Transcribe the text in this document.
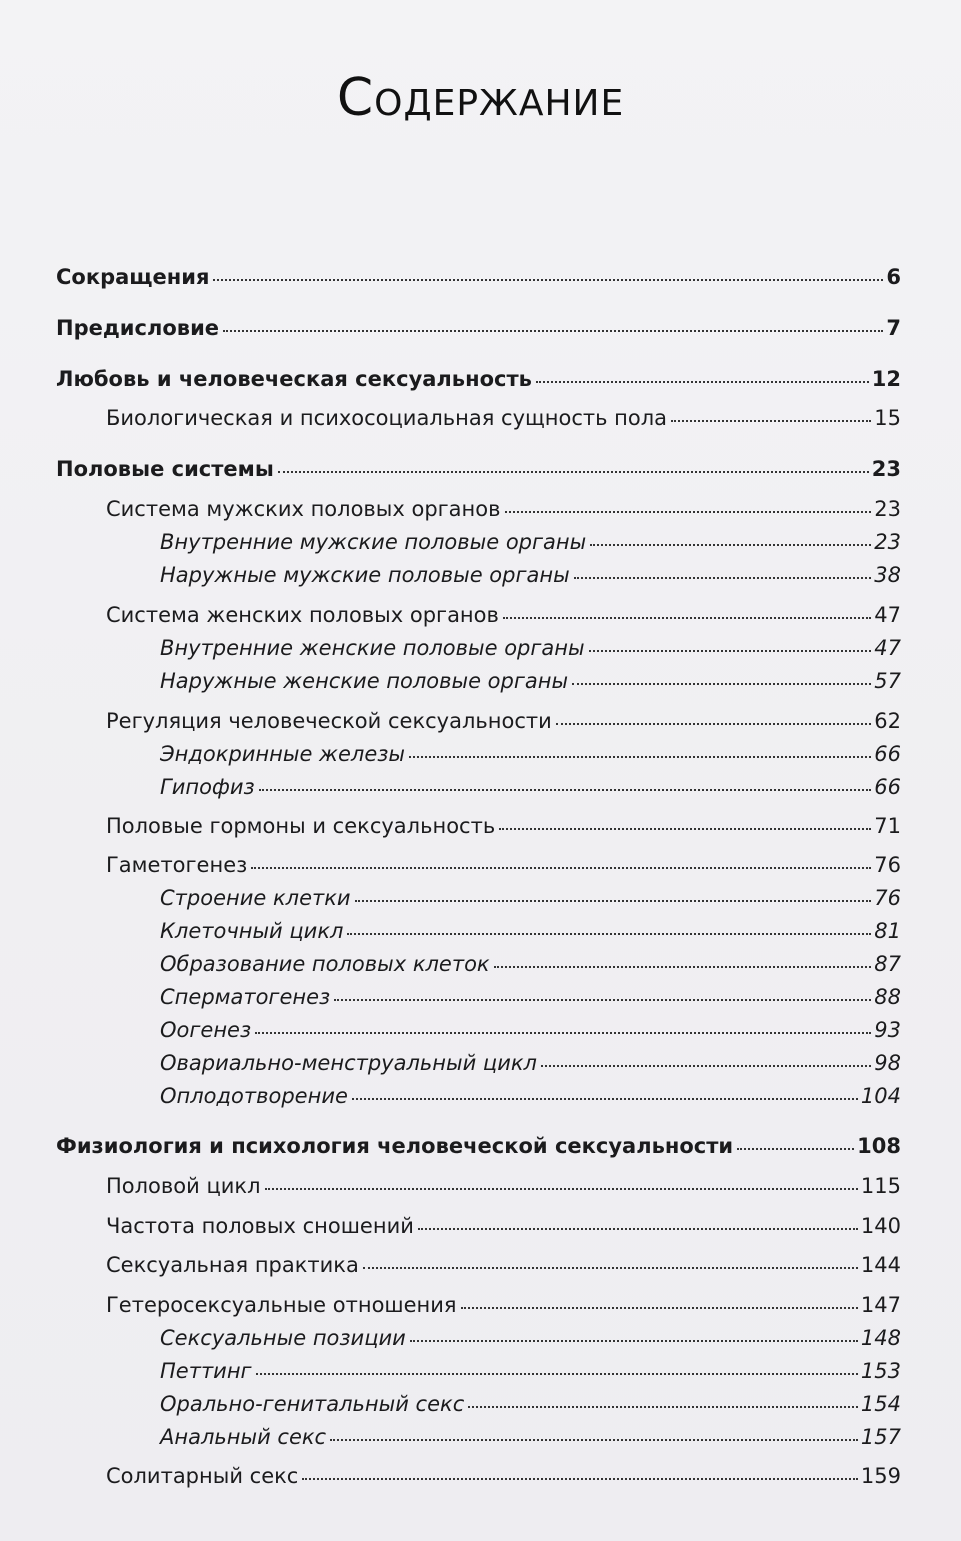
Содержание
Сокращения	6
Предисловие	7
Любовь и человеческая сексуальность	12
Биологическая и психосоциальная сущность пола	15
Половые системы	23
Система мужских половых органов	23
Внутренние мужские половые органы	23
Наружные мужские половые органы	38
Система женских половых органов	47
Внутренние женские половые органы	47
Наружные женские половые органы	57
Регуляция человеческой сексуальности	62
Эндокринные железы	66
Гипофиз	66
Половые гормоны и сексуальность	71
Гаметогенез	76
Строение клетки	76
Клеточный цикл	81
Образование половых клеток	87
Сперматогенез	88
Оогенез	93
Овариально-менструальный цикл	98
Оплодотворение	104
Физиология и психология человеческой сексуальности	108
Половой цикл	115
Частота половых сношений	140
Сексуальная практика	144
Гетеросексуальные отношения	147
Сексуальные позиции	148
Петтинг	153
Орально-генитальный секс	154
Анальный секс	157
Солитарный секс	159
